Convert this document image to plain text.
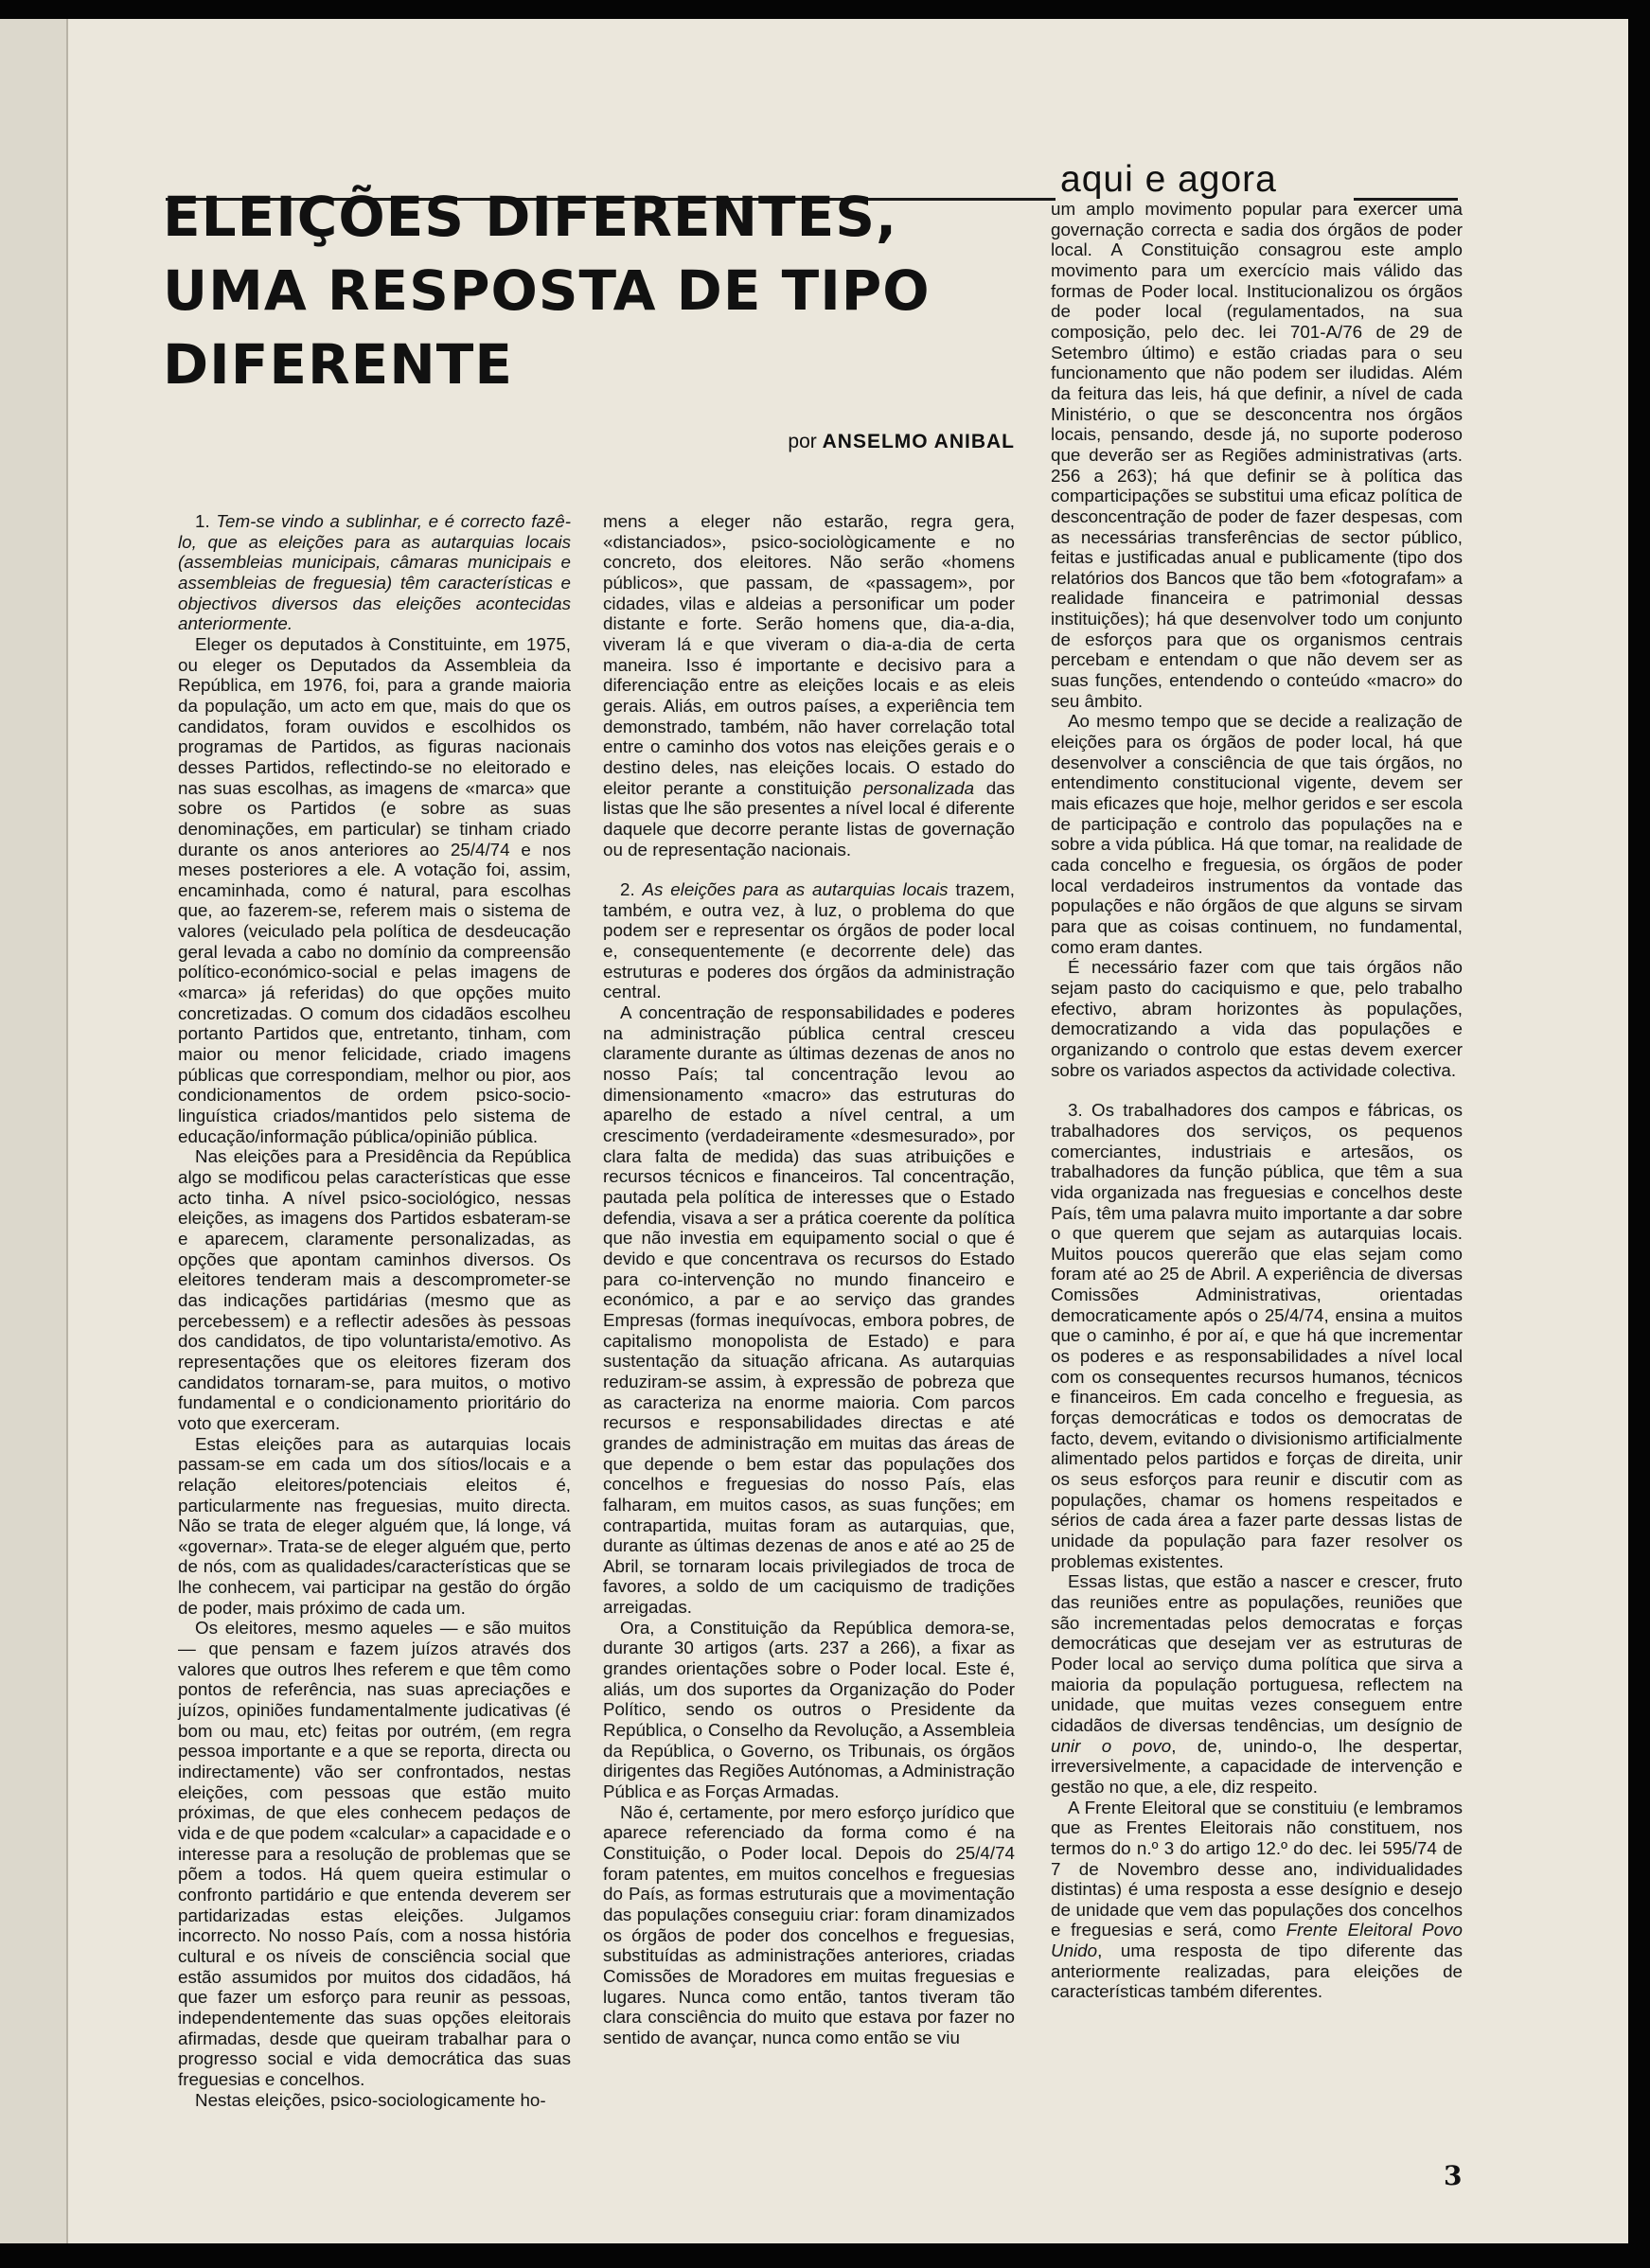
aqui e agora
ELEIÇÕES DIFERENTES,
UMA RESPOSTA DE TIPO
DIFERENTE
por ANSELMO ANIBAL

1. Tem-se vindo a sublinhar, e é correcto fazê-lo, que as eleições para as autarquias locais (assembleias municipais, câmaras municipais e assembleias de freguesia) têm características e objectivos diversos das eleições acontecidas anteriormente.

Eleger os deputados à Constituinte, em 1975, ou eleger os Deputados da Assembleia da República, em 1976, foi, para a grande maioria da população, um acto em que, mais do que os candidatos, foram ouvidos e escolhidos os programas de Partidos, as figuras nacionais desses Partidos, reflectindo-se no eleitorado e nas suas escolhas, as imagens de «marca» que sobre os Partidos (e sobre as suas denominações, em particular) se tinham criado durante os anos anteriores ao 25/4/74 e nos meses posteriores a ele. A votação foi, assim, encaminhada, como é natural, para escolhas que, ao fazerem-se, referem mais o sistema de valores (veiculado pela política de desdeucação geral levada a cabo no domínio da compreensão político-económico-social e pelas imagens de «marca» já referidas) do que opções muito concretizadas. O comum dos cidadãos escolheu portanto Partidos que, entretanto, tinham, com maior ou menor felicidade, criado imagens públicas que correspondiam, melhor ou pior, aos condicionamentos de ordem psico-socio-linguística criados/mantidos pelo sistema de educação/informação pública/opinião pública.

Nas eleições para a Presidência da República algo se modificou pelas características que esse acto tinha. A nível psico-sociológico, nessas eleições, as imagens dos Partidos esbateram-se e aparecem, claramente personalizadas, as opções que apontam caminhos diversos. Os eleitores tenderam mais a descomprometer-se das indicações partidárias (mesmo que as percebessem) e a reflectir adesões às pessoas dos candidatos, de tipo voluntarista/emotivo. As representações que os eleitores fizeram dos candidatos tornaram-se, para muitos, o motivo fundamental e o condicionamento prioritário do voto que exerceram.

Estas eleições para as autarquias locais passam-se em cada um dos sítios/locais e a relação eleitores/potenciais eleitos é, particularmente nas freguesias, muito directa. Não se trata de eleger alguém que, lá longe, vá «governar». Trata-se de eleger alguém que, perto de nós, com as qualidades/características que se lhe conhecem, vai participar na gestão do órgão de poder, mais próximo de cada um.

Os eleitores, mesmo aqueles — e são muitos — que pensam e fazem juízos através dos valores que outros lhes referem e que têm como pontos de referência, nas suas apreciações e juízos, opiniões fundamentalmente judicativas (é bom ou mau, etc) feitas por outrém, (em regra pessoa importante e a que se reporta, directa ou indirectamente) vão ser confrontados, nestas eleições, com pessoas que estão muito próximas, de que eles conhecem pedaços de vida e de que podem «calcular» a capacidade e o interesse para a resolução de problemas que se põem a todos. Há quem queira estimular o confronto partidário e que entenda deverem ser partidarizadas estas eleições. Julgamos incorrecto. No nosso País, com a nossa história cultural e os níveis de consciência social que estão assumidos por muitos dos cidadãos, há que fazer um esforço para reunir as pessoas, independentemente das suas opções eleitorais afirmadas, desde que queiram trabalhar para o progresso social e vida democrática das suas freguesias e concelhos.

Nestas eleições, psico-sociologicamente ho-

mens a eleger não estarão, regra gera, «distanciados», psico-sociològicamente e no concreto, dos eleitores. Não serão «homens públicos», que passam, de «passagem», por cidades, vilas e aldeias a personificar um poder distante e forte. Serão homens que, dia-a-dia, viveram lá e que viveram o dia-a-dia de certa maneira. Isso é importante e decisivo para a diferenciação entre as eleições locais e as eleis gerais. Aliás, em outros países, a experiência tem demonstrado, também, não haver correlação total entre o caminho dos votos nas eleições gerais e o destino deles, nas eleições locais. O estado do eleitor perante a constituição personalizada das listas que lhe são presentes a nível local é diferente daquele que decorre perante listas de governação ou de representação nacionais.

2. As eleições para as autarquias locais trazem, também, e outra vez, à luz, o problema do que podem ser e representar os órgãos de poder local e, consequentemente (e decorrente dele) das estruturas e poderes dos órgãos da administração central.

A concentração de responsabilidades e poderes na administração pública central cresceu claramente durante as últimas dezenas de anos no nosso País; tal concentração levou ao dimensionamento «macro» das estruturas do aparelho de estado a nível central, a um crescimento (verdadeiramente «desmesurado», por clara falta de medida) das suas atribuições e recursos técnicos e financeiros. Tal concentração, pautada pela política de interesses que o Estado defendia, visava a ser a prática coerente da política que não investia em equipamento social o que é devido e que concentrava os recursos do Estado para co-intervenção no mundo financeiro e económico, a par e ao serviço das grandes Empresas (formas inequívocas, embora pobres, de capitalismo monopolista de Estado) e para sustentação da situação africana. As autarquias reduziram-se assim, à expressão de pobreza que as caracteriza na enorme maioria. Com parcos recursos e responsabilidades directas e até grandes de administração em muitas das áreas de que depende o bem estar das populações dos concelhos e freguesias do nosso País, elas falharam, em muitos casos, as suas funções; em contrapartida, muitas foram as autarquias, que, durante as últimas dezenas de anos e até ao 25 de Abril, se tornaram locais privilegiados de troca de favores, a soldo de um caciquismo de tradições arreigadas.

Ora, a Constituição da República demora-se, durante 30 artigos (arts. 237 a 266), a fixar as grandes orientações sobre o Poder local. Este é, aliás, um dos suportes da Organização do Poder Político, sendo os outros o Presidente da República, o Conselho da Revolução, a Assembleia da República, o Governo, os Tribunais, os órgãos dirigentes das Regiões Autónomas, a Administração Pública e as Forças Armadas.

Não é, certamente, por mero esforço jurídico que aparece referenciado da forma como é na Constituição, o Poder local. Depois do 25/4/74 foram patentes, em muitos concelhos e freguesias do País, as formas estruturais que a movimentação das populações conseguiu criar: foram dinamizados os órgãos de poder dos concelhos e freguesias, substituídas as administrações anteriores, criadas Comissões de Moradores em muitas freguesias e lugares. Nunca como então, tantos tiveram tão clara consciência do muito que estava por fazer no sentido de avançar, nunca como então se viu

um amplo movimento popular para exercer uma governação correcta e sadia dos órgãos de poder local. A Constituição consagrou este amplo movimento para um exercício mais válido das formas de Poder local. Institucionalizou os órgãos de poder local (regulamentados, na sua composição, pelo dec. lei 701-A/76 de 29 de Setembro último) e estão criadas para o seu funcionamento que não podem ser iludidas. Além da feitura das leis, há que definir, a nível de cada Ministério, o que se desconcentra nos órgãos locais, pensando, desde já, no suporte poderoso que deverão ser as Regiões administrativas (arts. 256 a 263); há que definir se à política das comparticipações se substitui uma eficaz política de desconcentração de poder de fazer despesas, com as necessárias transferências de sector público, feitas e justificadas anual e publicamente (tipo dos relatórios dos Bancos que tão bem «fotografam» a realidade financeira e patrimonial dessas instituições); há que desenvolver todo um conjunto de esforços para que os organismos centrais percebam e entendam o que não devem ser as suas funções, entendendo o conteúdo «macro» do seu âmbito.

Ao mesmo tempo que se decide a realização de eleições para os órgãos de poder local, há que desenvolver a consciência de que tais órgãos, no entendimento constitucional vigente, devem ser mais eficazes que hoje, melhor geridos e ser escola de participação e controlo das populações na e sobre a vida pública. Há que tomar, na realidade de cada concelho e freguesia, os órgãos de poder local verdadeiros instrumentos da vontade das populações e não órgãos de que alguns se sirvam para que as coisas continuem, no fundamental, como eram dantes.

É necessário fazer com que tais órgãos não sejam pasto do caciquismo e que, pelo trabalho efectivo, abram horizontes às populações, democratizando a vida das populações e organizando o controlo que estas devem exercer sobre os variados aspectos da actividade colectiva.

3. Os trabalhadores dos campos e fábricas, os trabalhadores dos serviços, os pequenos comerciantes, industriais e artesãos, os trabalhadores da função pública, que têm a sua vida organizada nas freguesias e concelhos deste País, têm uma palavra muito importante a dar sobre o que querem que sejam as autarquias locais. Muitos poucos quererão que elas sejam como foram até ao 25 de Abril. A experiência de diversas Comissões Administrativas, orientadas democraticamente após o 25/4/74, ensina a muitos que o caminho, é por aí, e que há que incrementar os poderes e as responsabilidades a nível local com os consequentes recursos humanos, técnicos e financeiros. Em cada concelho e freguesia, as forças democráticas e todos os democratas de facto, devem, evitando o divisionismo artificialmente alimentado pelos partidos e forças de direita, unir os seus esforços para reunir e discutir com as populações, chamar os homens respeitados e sérios de cada área a fazer parte dessas listas de unidade da população para fazer resolver os problemas existentes.

Essas listas, que estão a nascer e crescer, fruto das reuniões entre as populações, reuniões que são incrementadas pelos democratas e forças democráticas que desejam ver as estruturas de Poder local ao serviço duma política que sirva a maioria da população portuguesa, reflectem na unidade, que muitas vezes conseguem entre cidadãos de diversas tendências, um desígnio de unir o povo, de, unindo-o, lhe despertar, irreversivelmente, a capacidade de intervenção e gestão no que, a ele, diz respeito.

A Frente Eleitoral que se constituiu (e lembramos que as Frentes Eleitorais não constituem, nos termos do n.º 3 do artigo 12.º do dec. lei 595/74 de 7 de Novembro desse ano, individualidades distintas) é uma resposta a esse desígnio e desejo de unidade que vem das populações dos concelhos e freguesias e será, como Frente Eleitoral Povo Unido, uma resposta de tipo diferente das anteriormente realizadas, para eleições de características também diferentes.

3
